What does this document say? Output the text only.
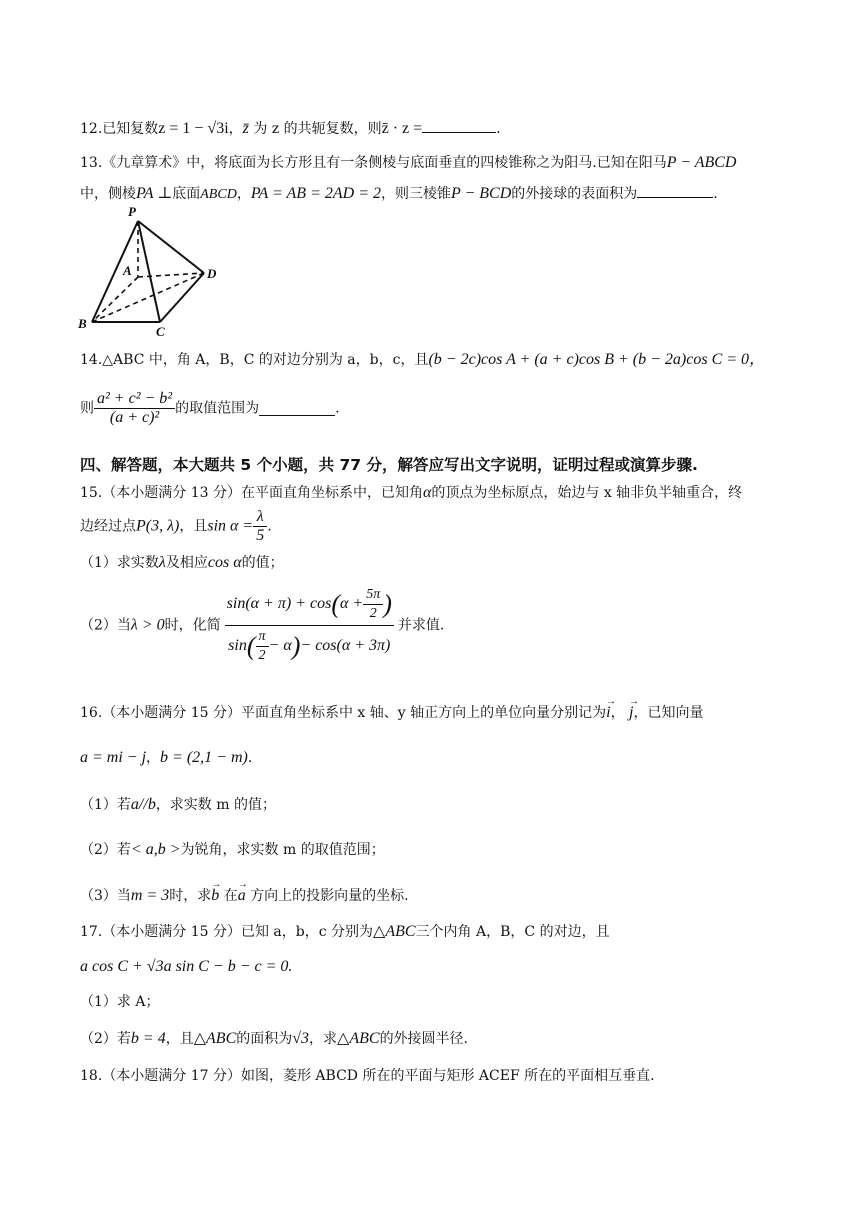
12.已知复数z = 1 − √3i，z̄ 为 z 的共轭复数，则z̄ · z =	.
13.《九章算术》中，将底面为长方形且有一条侧棱与底面垂直的四棱锥称之为阳马.已知在阳马P − ABCD
中，侧棱PA ⊥底面ABCD，PA = AB = 2AD = 2，则三棱锥P − BCD的外接球的表面积为	.
P
A	D
B
C
14.△ABC 中，角 A，B，C 的对边分别为 a，b，c，且(b − 2c)cos A + (a + c)cos B + (b − 2a)cos C = 0，
则 $\frac{\text{a² + c² − b²}}{\text{(a + c)²}}$ 的取值范围为	.
四、解答题，本大题共 5 个小题，共 77 分，解答应写出文字说明，证明过程或演算步骤.
15.（本小题满分 13 分）在平面直角坐标系中，已知角α的顶点为坐标原点，始边与 x 轴非负半轴重合，终
边经过点P(3, λ)，且$\sin \alpha = \frac{\lambda}{5}$ .
（1）求实数λ及相应cos α的值；
（2）当λ > 0时，化简 $\frac{\sin(\alpha + \pi) + \cos(\alpha + \frac{5\pi}{2} )}{\sin( \frac{\pi}{2} - \alpha)- \cos(\alpha + 3\pi)}$ 并求值.
16.（本小题满分 15 分）平面直角坐标系中 x 轴、y 轴正方向上的单位向量分别记为→ i， → j，已知向量
a = mi − j，b = (2,1 − m).
（1）若a//b，求实数 m 的值；
（2）若< a,b >为锐角，求实数 m 的取值范围；
（3）当m = 3时，求→ b 在→ a 方向上的投影向量的坐标.
17.（本小题满分 15 分）已知 a，b，c 分别为△ABC三个内角 A，B，C 的对边，且
a cos C + √3a sin C − b − c = 0.
（1）求 A；
（2）若b = 4，且△ABC的面积为√3，求△ABC的外接圆半径.
18.（本小题满分 17 分）如图，菱形 ABCD 所在的平面与矩形 ACEF 所在的平面相互垂直.
